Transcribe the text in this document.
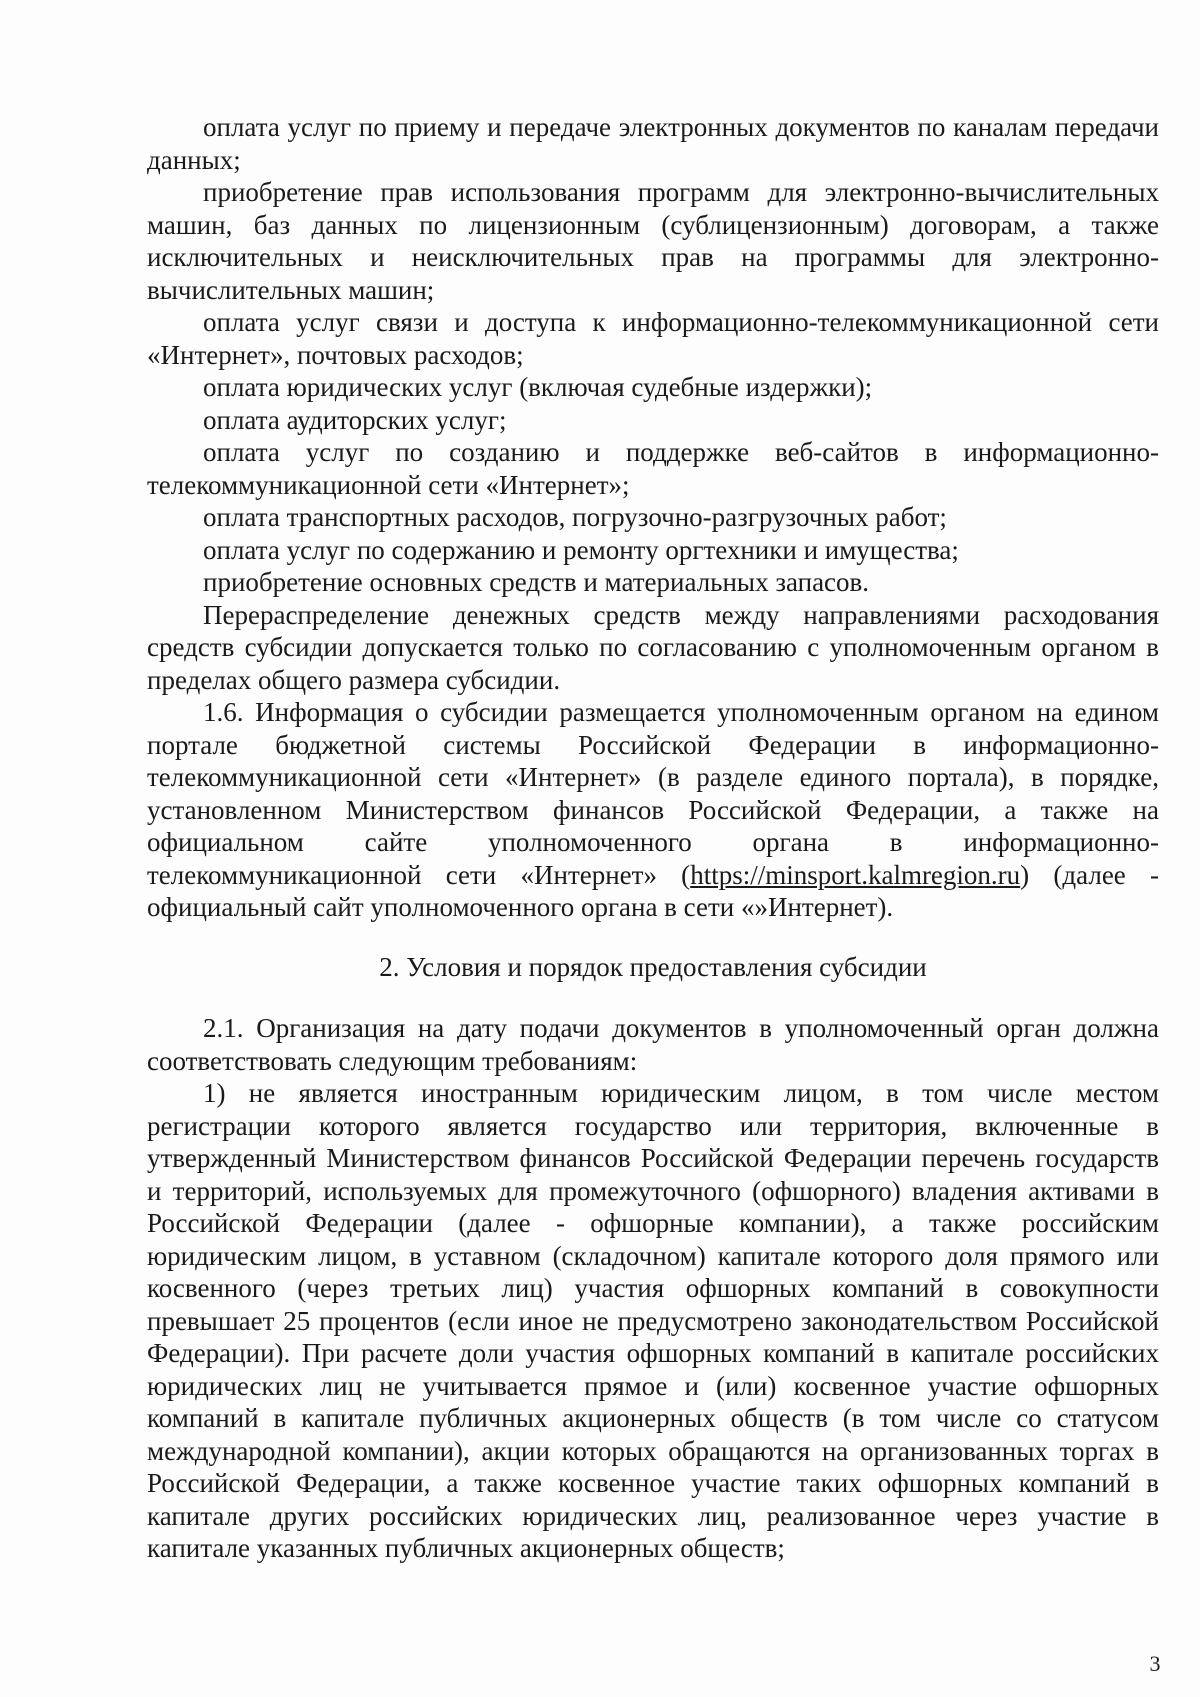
оплата услуг по приему и передаче электронных документов по каналам передачи данных;

приобретение прав использования программ для электронно-вычислительных машин, баз данных по лицензионным (сублицензионным) договорам, а также исключительных и неисключительных прав на программы для электронно-вычислительных машин;

оплата услуг связи и доступа к информационно-телекоммуникационной сети «Интернет», почтовых расходов;

оплата юридических услуг (включая судебные издержки);

оплата аудиторских услуг;

оплата услуг по созданию и поддержке веб-сайтов в информационно-телекоммуникационной сети «Интернет»;

оплата транспортных расходов, погрузочно-разгрузочных работ;

оплата услуг по содержанию и ремонту оргтехники и имущества;

приобретение основных средств и материальных запасов.

Перераспределение денежных средств между направлениями расходования средств субсидии допускается только по согласованию с уполномоченным органом в пределах общего размера субсидии.

1.6. Информация о субсидии размещается уполномоченным органом на едином портале бюджетной системы Российской Федерации в информационно-телекоммуникационной сети «Интернет» (в разделе единого портала), в порядке, установленном Министерством финансов Российской Федерации, а также на официальном сайте уполномоченного органа в информационно-телекоммуникационной сети «Интернет» (https://minsport.kalmregion.ru) (далее - официальный сайт уполномоченного органа в сети «»Интернет).

2. Условия и порядок предоставления субсидии

2.1. Организация на дату подачи документов в уполномоченный орган должна соответствовать следующим требованиям:

1) не является иностранным юридическим лицом, в том числе местом регистрации которого является государство или территория, включенные в утвержденный Министерством финансов Российской Федерации перечень государств и территорий, используемых для промежуточного (офшорного) владения активами в Российской Федерации (далее - офшорные компании), а также российским юридическим лицом, в уставном (складочном) капитале которого доля прямого или косвенного (через третьих лиц) участия офшорных компаний в совокупности превышает 25 процентов (если иное не предусмотрено законодательством Российской Федерации). При расчете доли участия офшорных компаний в капитале российских юридических лиц не учитывается прямое и (или) косвенное участие офшорных компаний в капитале публичных акционерных обществ (в том числе со статусом международной компании), акции которых обращаются на организованных торгах в Российской Федерации, а также косвенное участие таких офшорных компаний в капитале других российских юридических лиц, реализованное через участие в капитале указанных публичных акционерных обществ;

3
